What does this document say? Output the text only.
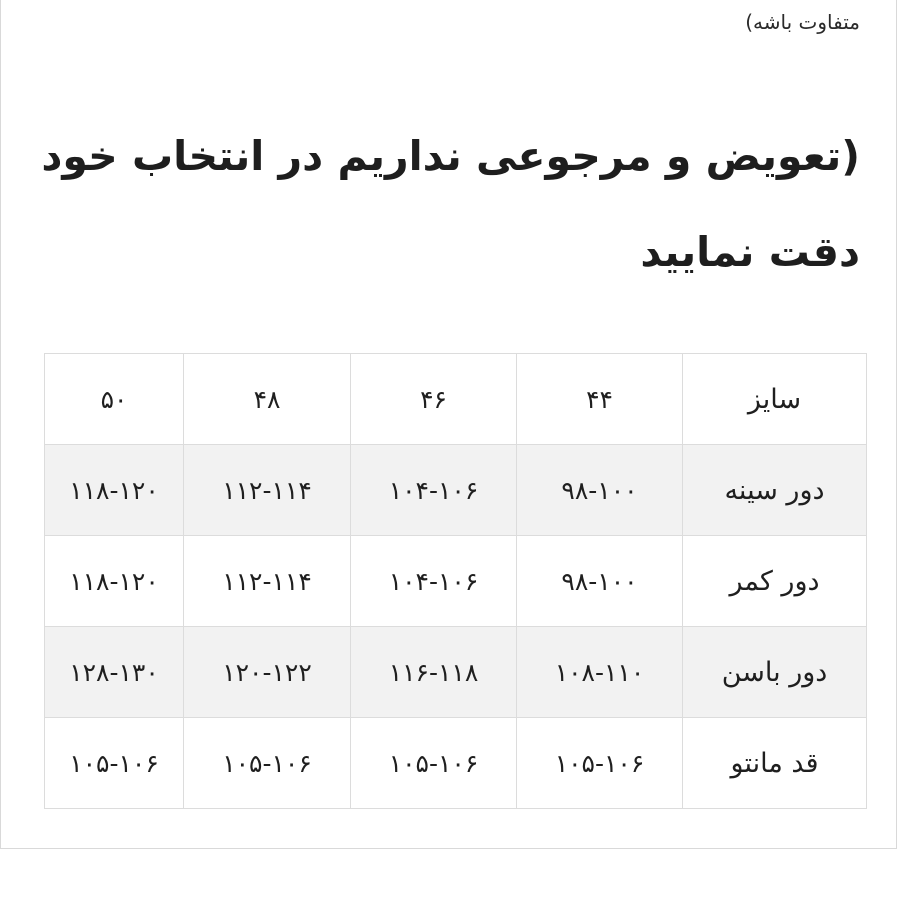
متفاوت باشه)
(تعویض و مرجوعی نداریم در انتخاب خود دقت نمایید
سایز	۴۴	۴۶	۴۸	۵۰
دور سینه	۹۸-۱۰۰	۱۰۴-۱۰۶	۱۱۲-۱۱۴	۱۱۸-۱۲۰
دور کمر	۹۸-۱۰۰	۱۰۴-۱۰۶	۱۱۲-۱۱۴	۱۱۸-۱۲۰
دور باسن	۱۰۸-۱۱۰	۱۱۶-۱۱۸	۱۲۰-۱۲۲	۱۲۸-۱۳۰
قد مانتو	۱۰۵-۱۰۶	۱۰۵-۱۰۶	۱۰۵-۱۰۶	۱۰۵-۱۰۶
